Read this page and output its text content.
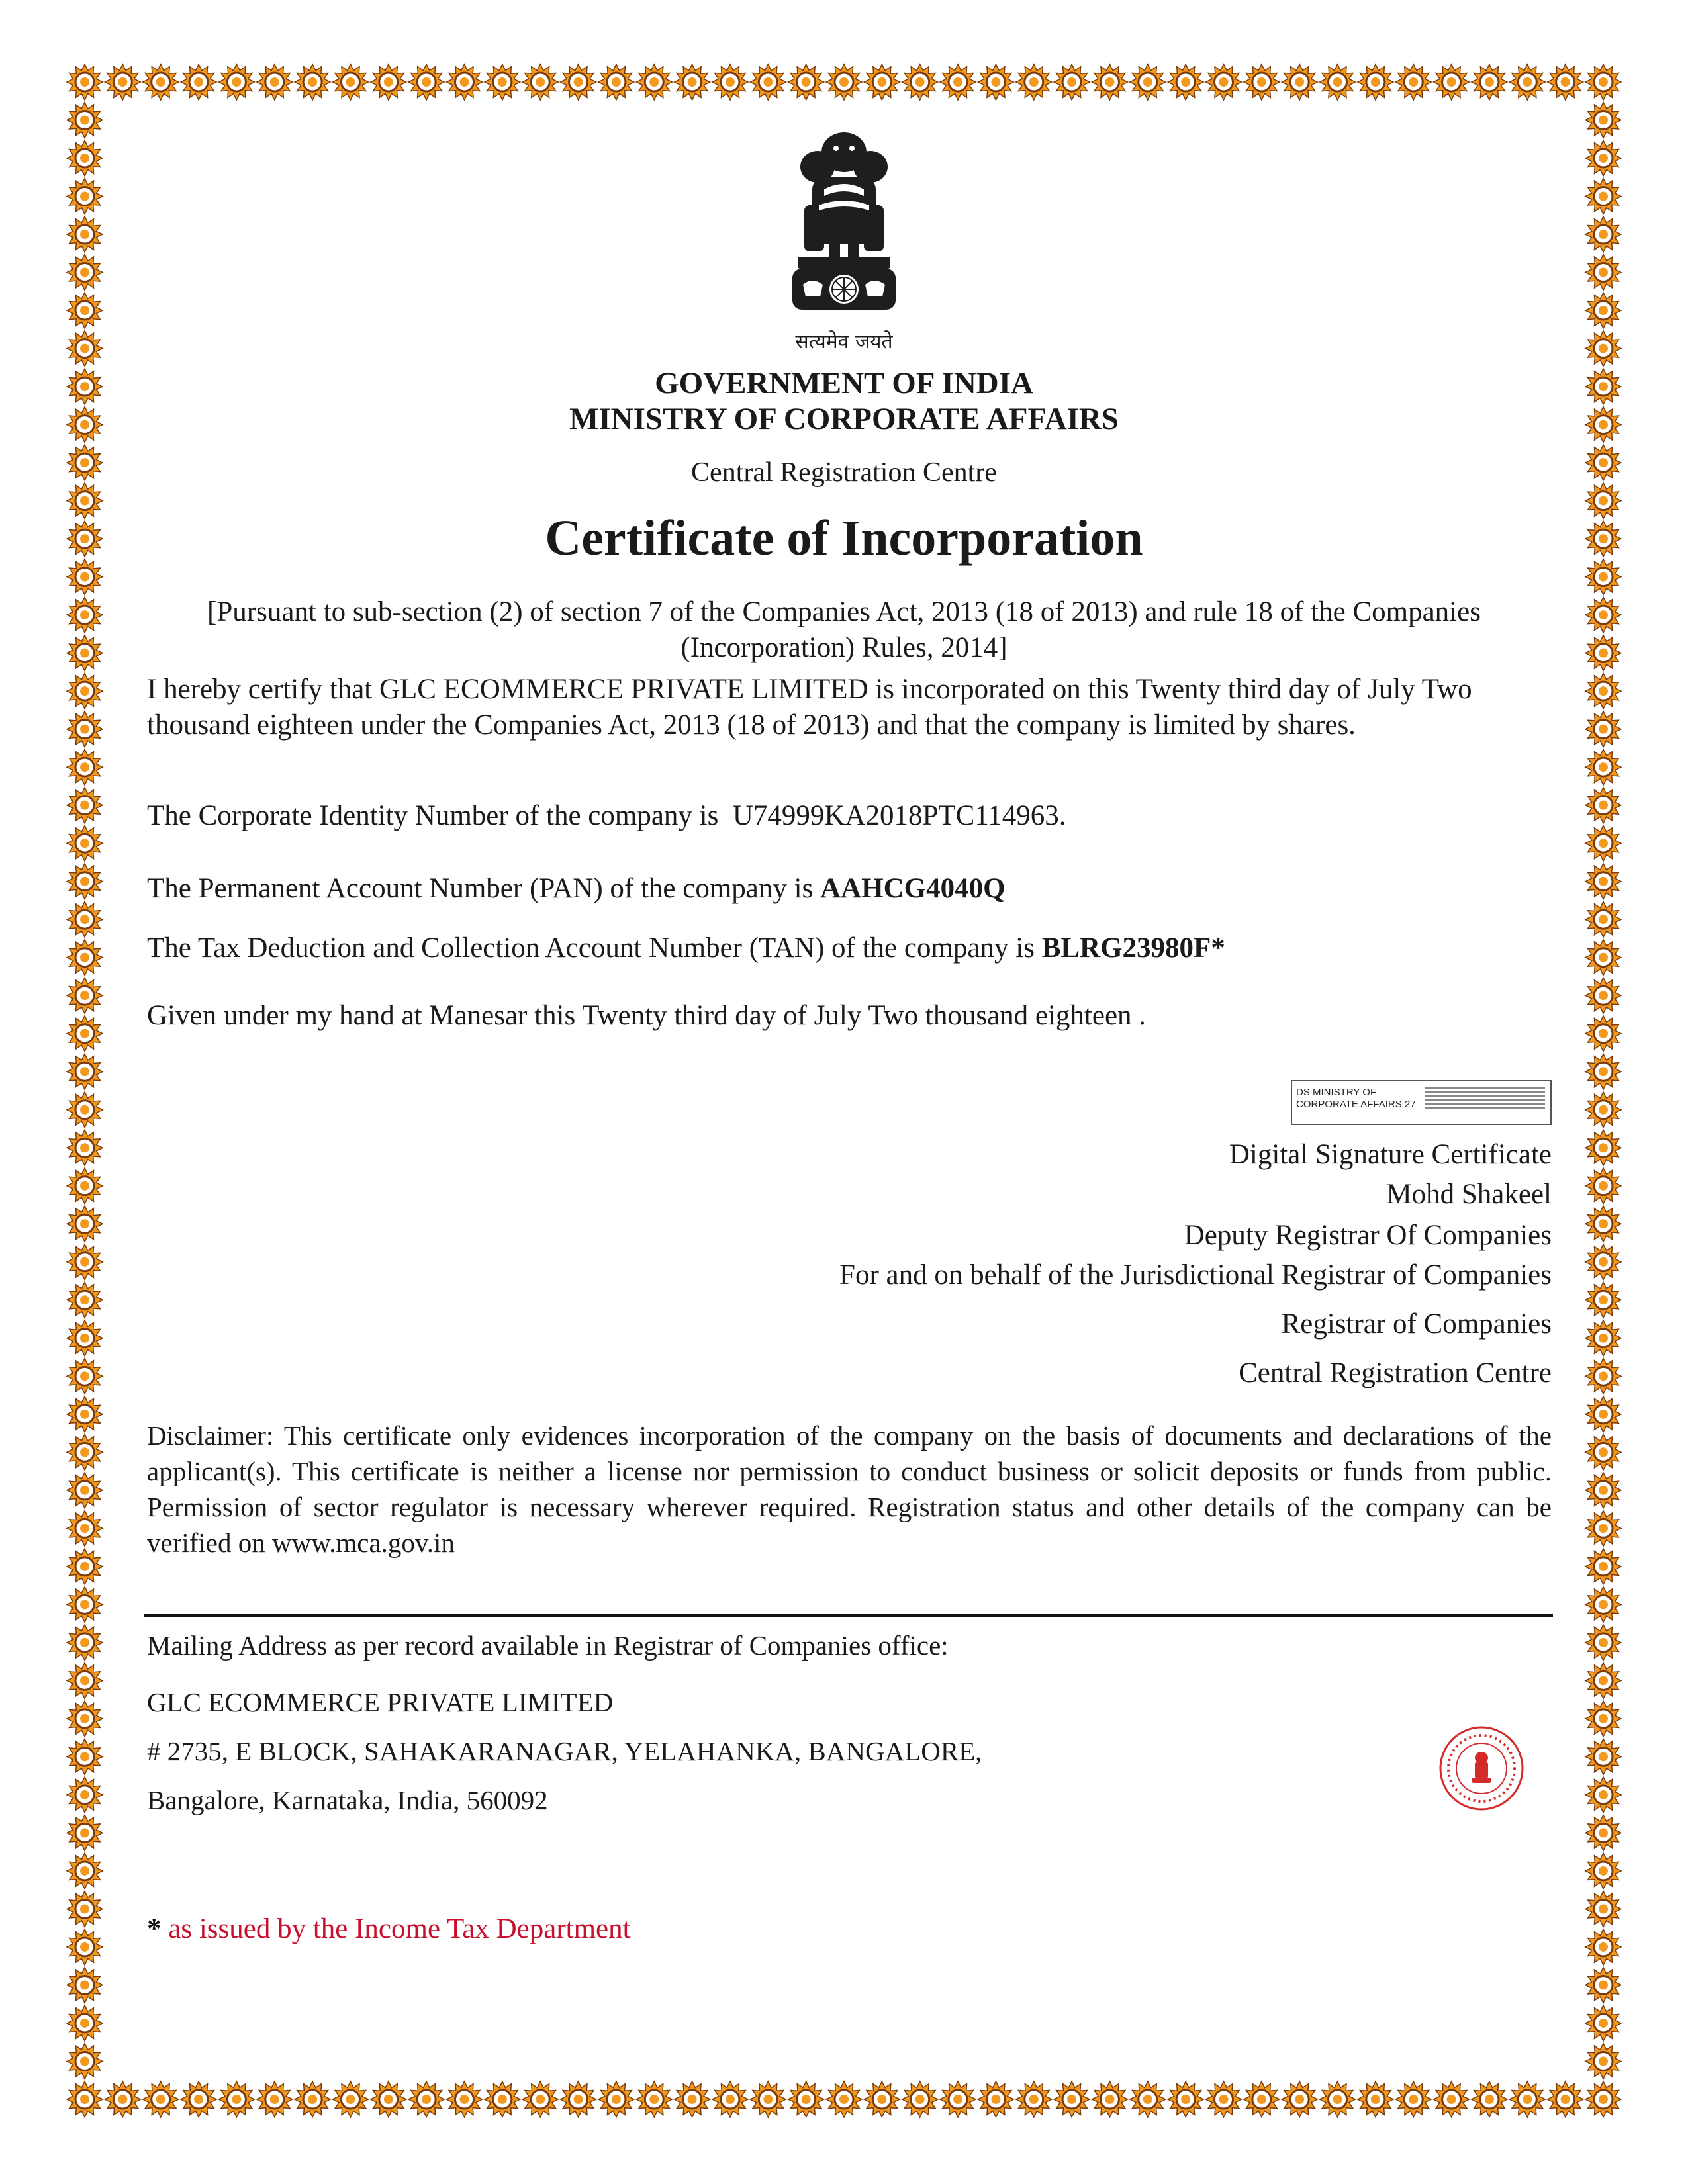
सत्यमेव जयते
GOVERNMENT OF INDIA
MINISTRY OF CORPORATE AFFAIRS
Central Registration Centre
Certificate of Incorporation
[Pursuant to sub-section (2) of section 7 of the Companies Act, 2013 (18 of 2013) and rule 18 of the Companies (Incorporation) Rules, 2014]
I hereby certify that GLC ECOMMERCE PRIVATE LIMITED is incorporated on this Twenty third day of July Two thousand eighteen under the Companies Act, 2013 (18 of 2013) and that the company is limited by shares.
The Corporate Identity Number of the company is U74999KA2018PTC114963.
The Permanent Account Number (PAN) of the company is AAHCG4040Q
The Tax Deduction and Collection Account Number (TAN) of the company is BLRG23980F*
Given under my hand at Manesar this Twenty third day of July Two thousand eighteen .
DS MINISTRY OF CORPORATE AFFAIRS 27
Digital Signature Certificate
Mohd Shakeel
Deputy Registrar Of Companies
For and on behalf of the Jurisdictional Registrar of Companies
Registrar of Companies
Central Registration Centre
Disclaimer: This certificate only evidences incorporation of the company on the basis of documents and declarations of the applicant(s). This certificate is neither a license nor permission to conduct business or solicit deposits or funds from public. Permission of sector regulator is necessary wherever required. Registration status and other details of the company can be verified on www.mca.gov.in
Mailing Address as per record available in Registrar of Companies office:
GLC ECOMMERCE PRIVATE LIMITED
# 2735, E BLOCK, SAHAKARANAGAR, YELAHANKA, BANGALORE,
Bangalore, Karnataka, India, 560092
* as issued by the Income Tax Department
